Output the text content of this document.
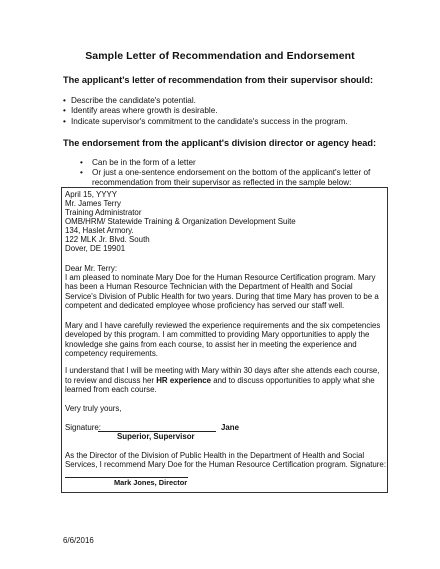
Sample Letter of Recommendation and Endorsement
The applicant's letter of recommendation from their supervisor should:
• Describe the candidate's potential.
• Identify areas where growth is desirable.
• Indicate supervisor's commitment to the candidate's success in the program.
The endorsement from the applicant's division director or agency head:
• Can be in the form of a letter
• Or just a one-sentence endorsement on the bottom of the applicant's letter of
recommendation from their supervisor as reflected in the sample below:
April 15, YYYY
Mr. James Terry
Training Administrator
OMB/HRM/ Statewide Training & Organization Development Suite
134, Haslet Armory.
122 MLK Jr. Blvd. South
Dover, DE 19901
Dear Mr. Terry:
I am pleased to nominate Mary Doe for the Human Resource Certification program. Mary
has been a Human Resource Technician with the Department of Health and Social
Service's Division of Public Health for two years. During that time Mary has proven to be a
competent and dedicated employee whose proficiency has served our staff well.
Mary and I have carefully reviewed the experience requirements and the six competencies
developed by this program. I am committed to providing Mary opportunities to apply the
knowledge she gains from each course, to assist her in meeting the experience and
competency requirements.
I understand that I will be meeting with Mary within 30 days after she attends each course,
to review and discuss her HR experience and to discuss opportunities to apply what she
learned from each course.
Very truly yours,
Signature:	Jane
Superior, Supervisor
As the Director of the Division of Public Health in the Department of Health and Social
Services, I recommend Mary Doe for the Human Resource Certification program. Signature:
Mark Jones, Director
6/6/2016
